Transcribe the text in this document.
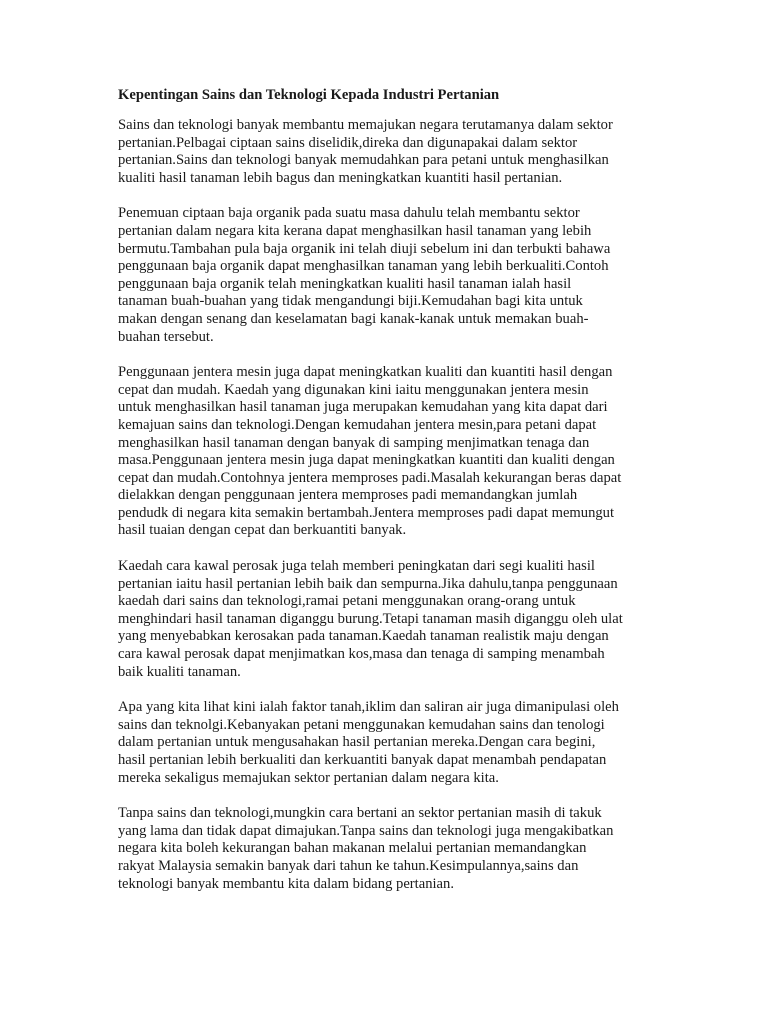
Kepentingan Sains dan Teknologi Kepada Industri Pertanian
Sains dan teknologi banyak membantu memajukan negara terutamanya dalam sektor
pertanian.Pelbagai ciptaan sains diselidik,direka dan digunapakai dalam sektor
pertanian.Sains dan teknologi banyak memudahkan para petani untuk menghasilkan
kualiti hasil tanaman lebih bagus dan meningkatkan kuantiti hasil pertanian.
Penemuan ciptaan baja organik pada suatu masa dahulu telah membantu sektor
pertanian dalam negara kita kerana dapat menghasilkan hasil tanaman yang lebih
bermutu.Tambahan pula baja organik ini telah diuji sebelum ini dan terbukti bahawa
penggunaan baja organik dapat menghasilkan tanaman yang lebih berkualiti.Contoh
penggunaan baja organik telah meningkatkan kualiti hasil tanaman ialah hasil
tanaman buah-buahan yang tidak mengandungi biji.Kemudahan bagi kita untuk
makan dengan senang dan keselamatan bagi kanak-kanak untuk memakan buah-
buahan tersebut.
Penggunaan jentera mesin juga dapat meningkatkan kualiti dan kuantiti hasil dengan
cepat dan mudah. Kaedah yang digunakan kini iaitu menggunakan jentera mesin
untuk menghasilkan hasil tanaman juga merupakan kemudahan yang kita dapat dari
kemajuan sains dan teknologi.Dengan kemudahan jentera mesin,para petani dapat
menghasilkan hasil tanaman dengan banyak di samping menjimatkan tenaga dan
masa.Penggunaan jentera mesin juga dapat meningkatkan kuantiti dan kualiti dengan
cepat dan mudah.Contohnya jentera memproses padi.Masalah kekurangan beras dapat
dielakkan dengan penggunaan jentera memproses padi memandangkan jumlah
pendudk di negara kita semakin bertambah.Jentera memproses padi dapat memungut
hasil tuaian dengan cepat dan berkuantiti banyak.
Kaedah cara kawal perosak juga telah memberi peningkatan dari segi kualiti hasil
pertanian iaitu hasil pertanian lebih baik dan sempurna.Jika dahulu,tanpa penggunaan
kaedah dari sains dan teknologi,ramai petani menggunakan orang-orang untuk
menghindari hasil tanaman diganggu burung.Tetapi tanaman masih diganggu oleh ulat
yang menyebabkan kerosakan pada tanaman.Kaedah tanaman realistik maju dengan
cara kawal perosak dapat menjimatkan kos,masa dan tenaga di samping menambah
baik kualiti tanaman.
Apa yang kita lihat kini ialah faktor tanah,iklim dan saliran air juga dimanipulasi oleh
sains dan teknolgi.Kebanyakan petani menggunakan kemudahan sains dan tenologi
dalam pertanian untuk mengusahakan hasil pertanian mereka.Dengan cara begini,
hasil pertanian lebih berkualiti dan kerkuantiti banyak dapat menambah pendapatan
mereka sekaligus memajukan sektor pertanian dalam negara kita.
Tanpa sains dan teknologi,mungkin cara bertani an sektor pertanian masih di takuk
yang lama dan tidak dapat dimajukan.Tanpa sains dan teknologi juga mengakibatkan
negara kita boleh kekurangan bahan makanan melalui pertanian memandangkan
rakyat Malaysia semakin banyak dari tahun ke tahun.Kesimpulannya,sains dan
teknologi banyak membantu kita dalam bidang pertanian.
